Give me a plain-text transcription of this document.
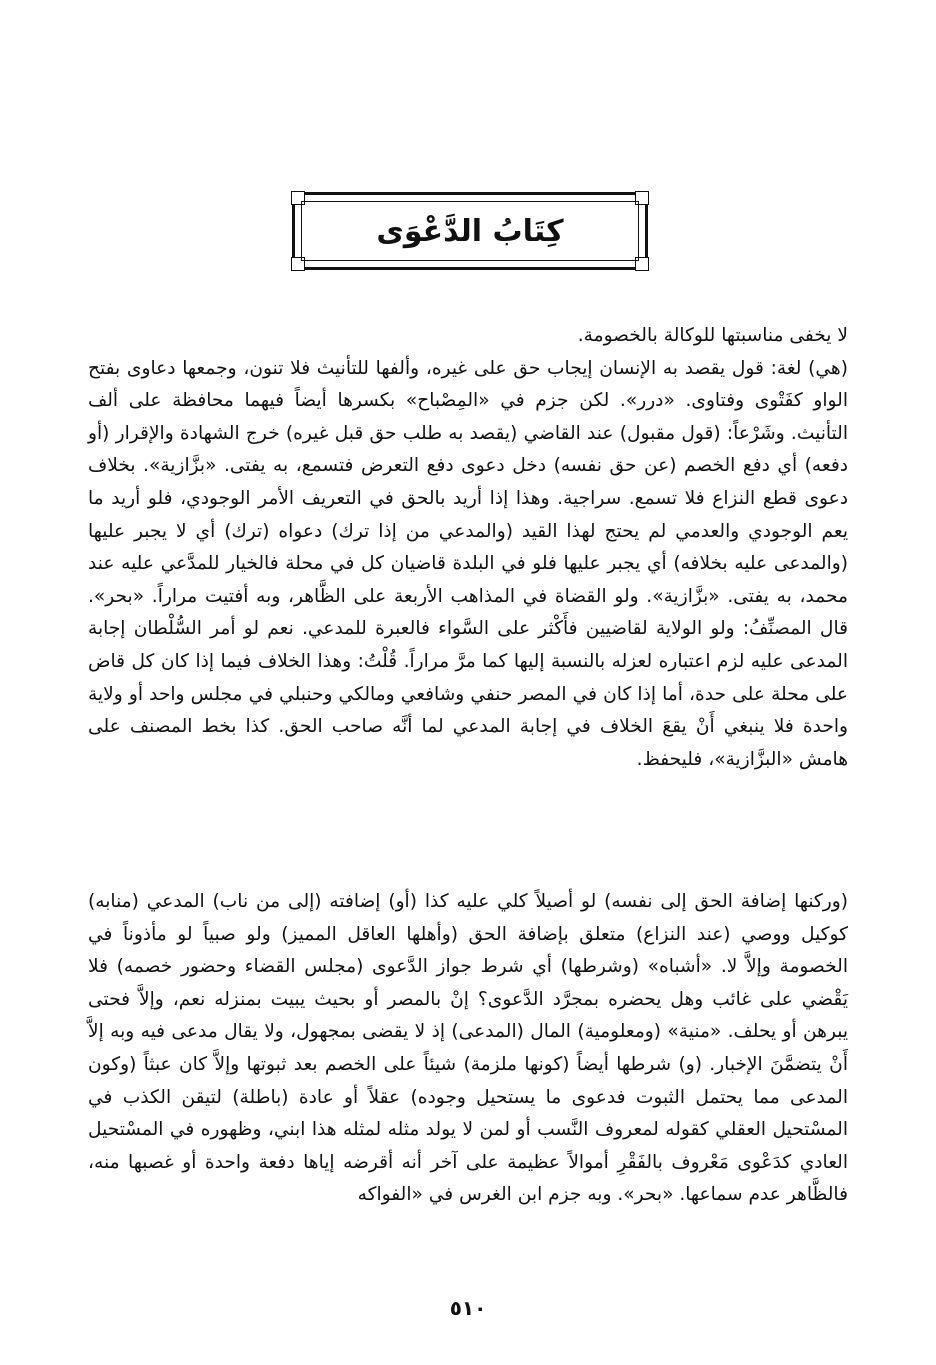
كِتَابُ الدَّعْوَى

لا يخفى مناسبتها للوكالة بالخصومة.

(هي) لغة: قول يقصد به الإنسان إيجاب حق على غيره، وألفها للتأنيث فلا تنون، وجمعها دعاوى بفتح الواو كفَتْوى وفتاوى. «درر». لكن جزم في «المِصْباح» بكسرها أيضاً فيهما محافظة على ألف التأنيث. وشَرْعاً: (قول مقبول) عند القاضي (يقصد به طلب حق قبل غيره) خرج الشهادة والإقرار (أو دفعه) أي دفع الخصم (عن حق نفسه) دخل دعوى دفع التعرض فتسمع، به يفتى. «بزَّازية». بخلاف دعوى قطع النزاع فلا تسمع. سراجية. وهذا إذا أريد بالحق في التعريف الأمر الوجودي، فلو أريد ما يعم الوجودي والعدمي لم يحتج لهذا القيد (والمدعي من إذا ترك) دعواه (ترك) أي لا يجبر عليها (والمدعى عليه بخلافه) أي يجبر عليها فلو في البلدة قاضيان كل في محلة فالخيار للمدَّعي عليه عند محمد، به يفتى. «بزَّازية». ولو القضاة في المذاهب الأربعة على الظَّاهر، وبه أفتيت مراراً. «بحر». قال المصنِّفُ: ولو الولاية لقاضيين فأَكْثر على السَّواء فالعبرة للمدعي. نعم لو أمر السُّلْطان إجابة المدعى عليه لزم اعتباره لعزله بالنسبة إليها كما مرَّ مراراً. قُلْتُ: وهذا الخلاف فيما إذا كان كل قاض على محلة على حدة، أما إذا كان في المصر حنفي وشافعي ومالكي وحنبلي في مجلس واحد أو ولاية واحدة فلا ينبغي أَنْ يقعَ الخلاف في إجابة المدعي لما أنَّه صاحب الحق. كذا بخط المصنف على هامش «البزَّازية»، فليحفظ.

(وركنها إضافة الحق إلى نفسه) لو أصيلاً كلي عليه كذا (أو) إضافته (إلى من ناب) المدعي (منابه) كوكيل ووصي (عند النزاع) متعلق بإضافة الحق (وأهلها العاقل المميز) ولو صبياً لو مأذوناً في الخصومة وإلاَّ لا. «أشباه» (وشرطها) أي شرط جواز الدَّعوى (مجلس القضاء وحضور خصمه) فلا يَقْضي على غائب وهل يحضره بمجرَّد الدَّعوى؟ إنْ بالمصر أو بحيث يبيت بمنزله نعم، وإلاَّ فحتى يبرهن أو يحلف. «منية» (ومعلومية) المال (المدعى) إذ لا يقضى بمجهول، ولا يقال مدعى فيه وبه إلاَّ أَنْ يتضمَّنَ الإخبار. (و) شرطها أيضاً (كونها ملزمة) شيئاً على الخصم بعد ثبوتها وإلاَّ كان عبثاً (وكون المدعى مما يحتمل الثبوت فدعوى ما يستحيل وجوده) عقلاً أو عادة (باطلة) لتيقن الكذب في المسْتحيل العقلي كقوله لمعروف النَّسب أو لمن لا يولد مثله لمثله هذا ابني، وظهوره في المسْتحيل العادي كدَعْوى مَعْروف بالفَقْرِ أموالاً عظيمة على آخر أنه أقرضه إياها دفعة واحدة أو غصبها منه، فالظَّاهر عدم سماعها. «بحر». وبه جزم ابن الغرس في «الفواكه

٥١٠
